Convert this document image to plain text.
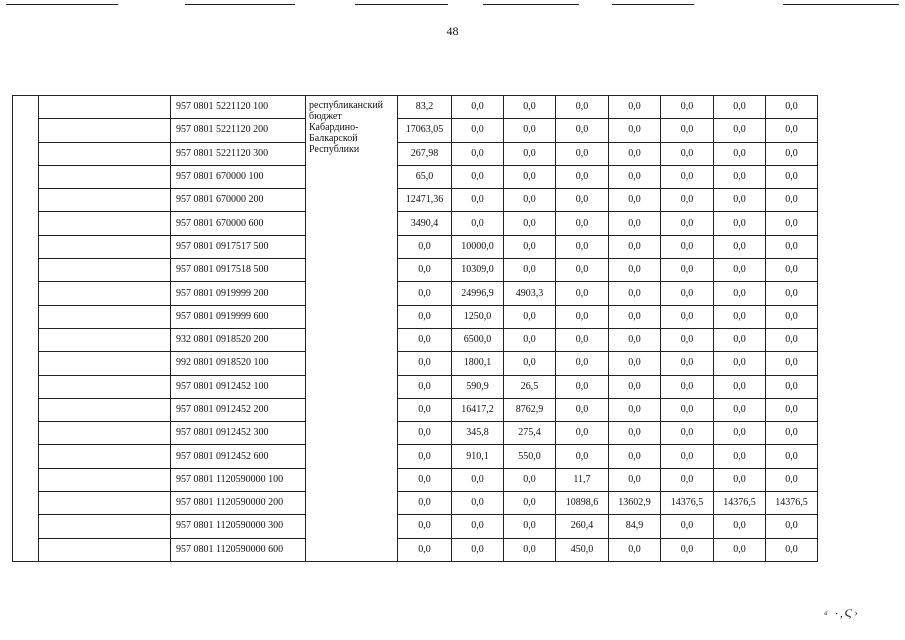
48
		957 0801 5221120 100	республиканский
бюджет
Кабардино-
Балкарской
Республики	83,2	0,0	0,0	0,0	0,0	0,0	0,0	0,0
		957 0801 5221120 200		17063,05	0,0	0,0	0,0	0,0	0,0	0,0	0,0
		957 0801 5221120 300		267,98	0,0	0,0	0,0	0,0	0,0	0,0	0,0
		957 0801 670000 100		65,0	0,0	0,0	0,0	0,0	0,0	0,0	0,0
		957 0801 670000 200		12471,36	0,0	0,0	0,0	0,0	0,0	0,0	0,0
		957 0801 670000 600		3490,4	0,0	0,0	0,0	0,0	0,0	0,0	0,0
		957 0801 0917517 500		0,0	10000,0	0,0	0,0	0,0	0,0	0,0	0,0
		957 0801 0917518 500		0,0	10309,0	0,0	0,0	0,0	0,0	0,0	0,0
		957 0801 0919999 200		0,0	24996,9	4903,3	0,0	0,0	0,0	0,0	0,0
		957 0801 0919999 600		0,0	1250,0	0,0	0,0	0,0	0,0	0,0	0,0
		932 0801 0918520 200		0,0	6500,0	0,0	0,0	0,0	0,0	0,0	0,0
		992 0801 0918520 100		0,0	1800,1	0,0	0,0	0,0	0,0	0,0	0,0
		957 0801 0912452 100		0,0	590,9	26,5	0,0	0,0	0,0	0,0	0,0
		957 0801 0912452 200		0,0	16417,2	8762,9	0,0	0,0	0,0	0,0	0,0
		957 0801 0912452 300		0,0	345,8	275,4	0,0	0,0	0,0	0,0	0,0
		957 0801 0912452 600		0,0	910,1	550,0	0,0	0,0	0,0	0,0	0,0
		957 0801 1120590000 100		0,0	0,0	0,0	11,7	0,0	0,0	0,0	0,0
		957 0801 1120590000 200		0,0	0,0	0,0	10898,6	13602,9	14376,5	14376,5	14376,5
		957 0801 1120590000 300		0,0	0,0	0,0	260,4	84,9	0,0	0,0	0,0
		957 0801 1120590000 600		0,0	0,0	0,0	450,0	0,0	0,0	0,0	0,0
ᵃ ·,Ϛ›
